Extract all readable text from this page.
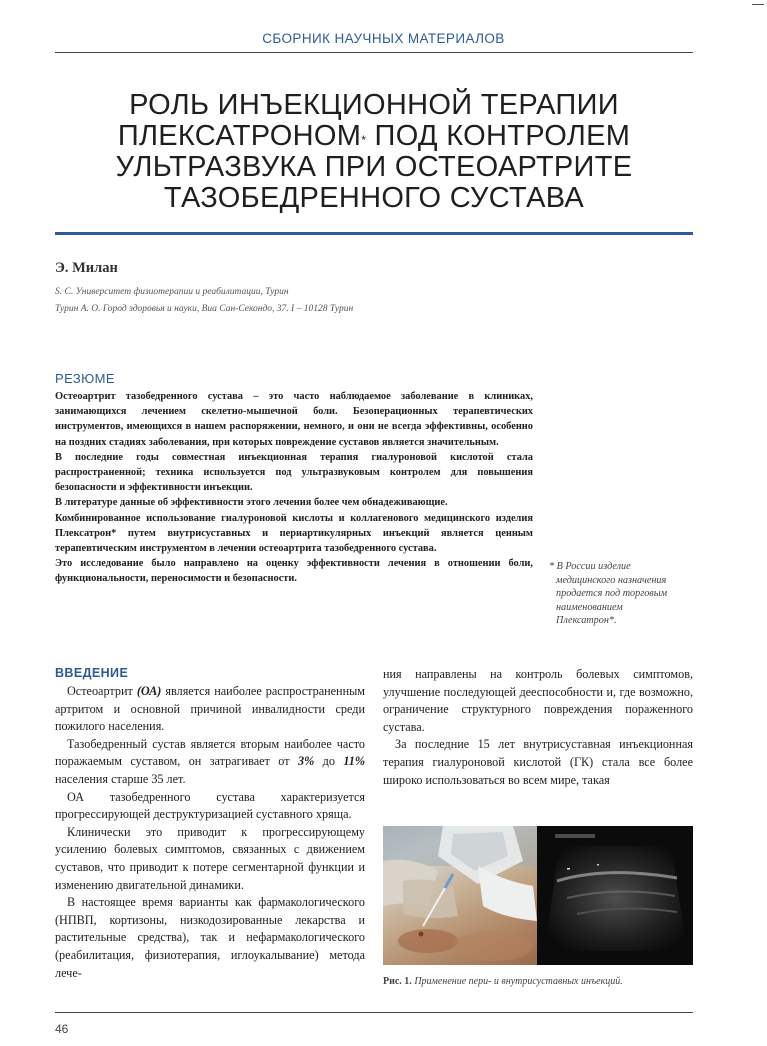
СБОРНИК НАУЧНЫХ МАТЕРИАЛОВ
РОЛЬ ИНЪЕКЦИОННОЙ ТЕРАПИИ
ПЛЕКСАТРОНОМ* ПОД КОНТРОЛЕМ
УЛЬТРАЗВУКА ПРИ ОСТЕОАРТРИТЕ
ТАЗОБЕДРЕННОГО СУСТАВА
Э. Милан
S. C. Университет физиотерапии и реабилитации, Турин
Турин А. О. Город здоровья и науки, Виа Сан-Секондо, 37. I – 10128 Турин
РЕЗЮМЕ

Остеоартрит тазобедренного сустава – это часто наблюдаемое заболевание в клиниках, занимающихся лечением скелетно-мышечной боли. Безоперационных терапевтических инструментов, имеющихся в нашем распоряжении, немного, и они не всегда эффективны, особенно на поздних стадиях заболевания, при которых повреждение суставов является значительным.

В последние годы совместная инъекционная терапия гиалуроновой кислотой стала распространенной; техника используется под ультразвуковым контролем для повышения безопасности и эффективности инъекции.

В литературе данные об эффективности этого лечения более чем обнадеживающие.

Комбинированное использование гиалуроновой кислоты и коллагенового медицинского изделия Плексатрон* путем внутрисуставных и периартикулярных инъекций является ценным терапевтическим инструментом в лечении остеоартрита тазобедренного сустава.

Это исследование было направлено на оценку эффективности лечения в отношении боли, функциональности, переносимости и безопасности.

* В России изделие

медицинского назначения

продается под торговым

наименованием

Плексатрон*.

ВВЕДЕНИЕ

Остеоартрит (ОА) является наиболее распространенным артритом и основной причиной инвалидности среди пожилого населения.

Тазобедренный сустав является вторым наиболее часто поражаемым суставом, он затрагивает от 3% до 11% населения старше 35 лет.

ОА тазобедренного сустава характеризуется прогрессирующей деструктуризацией суставного хряща.

Клинически это приводит к прогрессирующему усилению болевых симптомов, связанных с движением суставов, что приводит к потере сегментарной функции и изменению двигательной динамики.

В настоящее время варианты как фармакологического (НПВП, кортизоны, низкодозированные лекарства и растительные средства), так и нефармакологического (реабилитация, физиотерапия, иглоукалывание) метода лече-

ния направлены на контроль болевых симптомов, улучшение последующей дееспособности и, где возможно, ограничение структурного повреждения пораженного сустава.

За последние 15 лет внутрисуставная инъекционная терапия гиалуроновой кислотой (ГК) стала все более широко использоваться во всем мире, такая

Рис. 1. Применение пери- и внутрисуставных инъекций.
46
